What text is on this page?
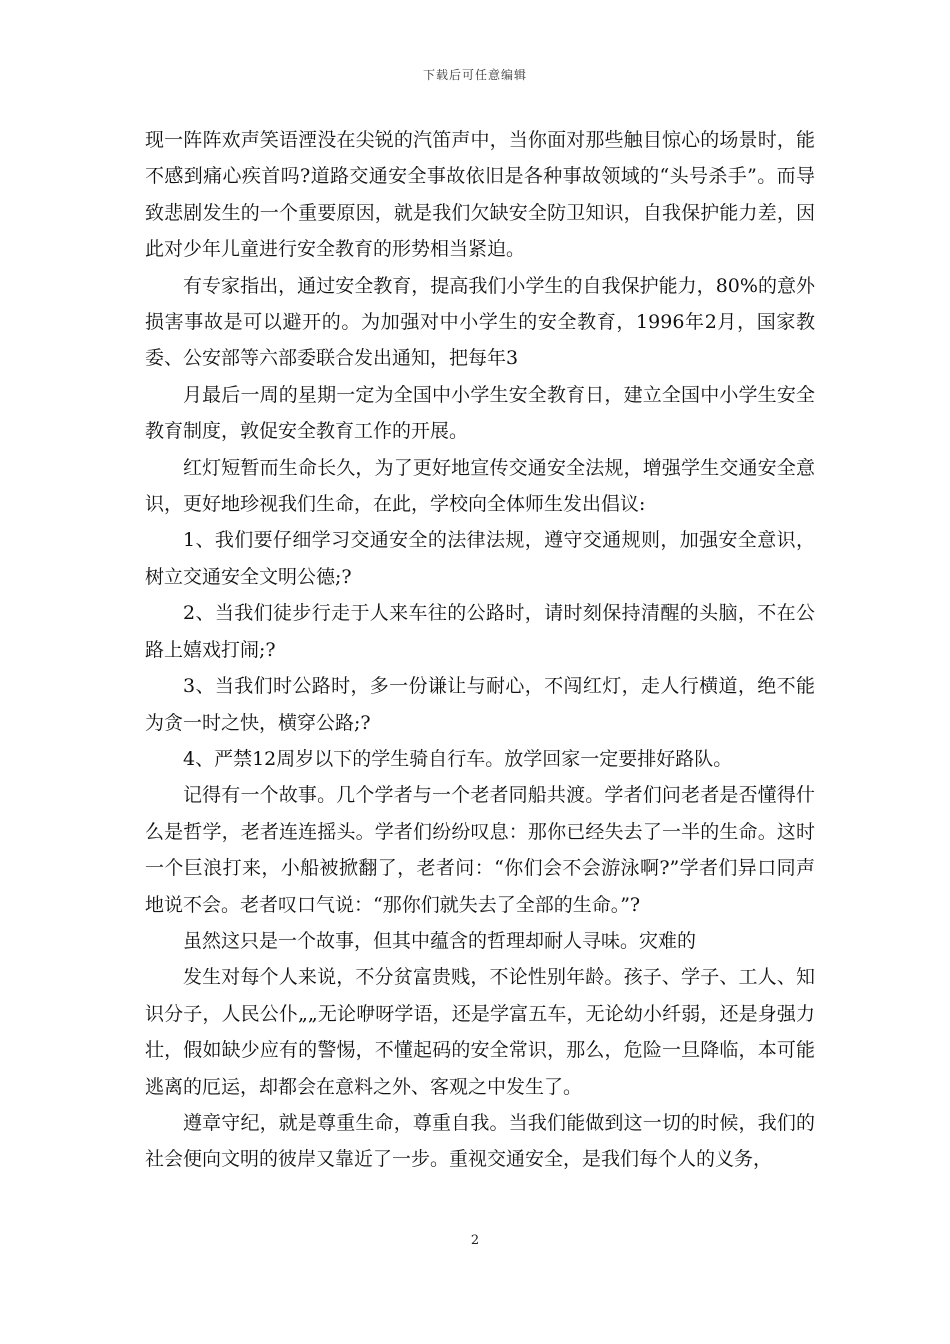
下载后可任意编辑

现一阵阵欢声笑语湮没在尖锐的汽笛声中，当你面对那些触目惊心的场景时，能不感到痛心疾首吗?道路交通安全事故依旧是各种事故领域的“头号杀手”。而导致悲剧发生的一个重要原因，就是我们欠缺安全防卫知识，自我保护能力差，因此对少年儿童进行安全教育的形势相当紧迫。

有专家指出，通过安全教育，提高我们小学生的自我保护能力，80%的意外损害事故是可以避开的。为加强对中小学生的安全教育，1996年2月，国家教委、公安部等六部委联合发出通知，把每年3

月最后一周的星期一定为全国中小学生安全教育日，建立全国中小学生安全教育制度，敦促安全教育工作的开展。

红灯短暂而生命长久，为了更好地宣传交通安全法规，增强学生交通安全意识，更好地珍视我们生命，在此，学校向全体师生发出倡议:

1、我们要仔细学习交通安全的法律法规，遵守交通规则，加强安全意识，树立交通安全文明公德;?

2、当我们徒步行走于人来车往的公路时，请时刻保持清醒的头脑，不在公路上嬉戏打闹;?

3、当我们时公路时，多一份谦让与耐心，不闯红灯，走人行横道，绝不能为贪一时之快，横穿公路;?

4、严禁12周岁以下的学生骑自行车。放学回家一定要排好路队。

记得有一个故事。几个学者与一个老者同船共渡。学者们问老者是否懂得什么是哲学，老者连连摇头。学者们纷纷叹息：那你已经失去了一半的生命。这时一个巨浪打来，小船被掀翻了，老者问：“你们会不会游泳啊?”学者们异口同声地说不会。老者叹口气说：“那你们就失去了全部的生命。”?

虽然这只是一个故事，但其中蕴含的哲理却耐人寻味。灾难的

发生对每个人来说，不分贫富贵贱，不论性别年龄。孩子、学子、工人、知识分子，人民公仆„„无论咿呀学语，还是学富五车，无论幼小纤弱，还是身强力壮，假如缺少应有的警惕，不懂起码的安全常识，那么，危险一旦降临，本可能逃离的厄运，却都会在意料之外、客观之中发生了。

遵章守纪，就是尊重生命，尊重自我。当我们能做到这一切的时候，我们的社会便向文明的彼岸又靠近了一步。重视交通安全，是我们每个人的义务，

2
